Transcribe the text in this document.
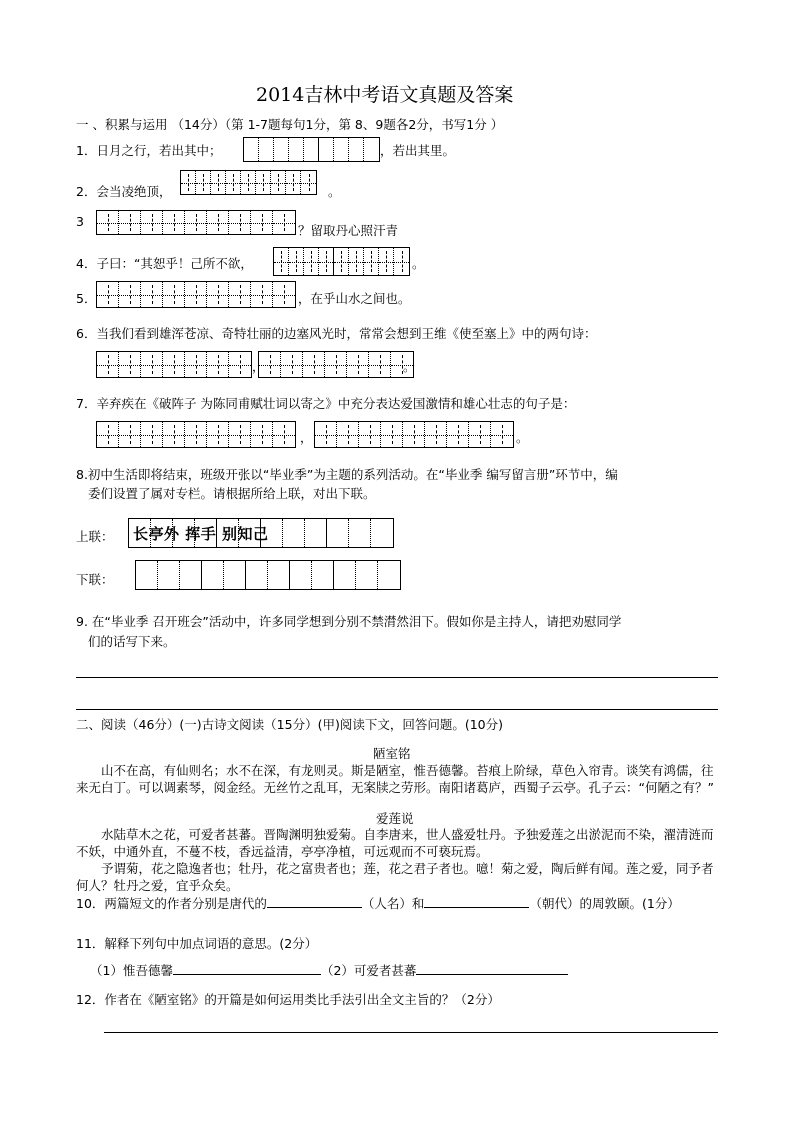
2014吉林中考语文真题及答案
一 、积累与运用 （14分）（第 1-7题每句1分，第 8、9题各2分，书写1分 ）
1．日月之行，若出其中；	，若出其里。
2．会当凌绝顶，	。
3
？留取丹心照汗青
4．子曰：“其恕乎！己所不欲，	。
5．	，在乎山水之间也。
6．当我们看到雄浑苍凉、奇特壮丽的边塞风光时，常常会想到王维《使至塞上》中的两句诗：
，	。
7．辛弃疾在《破阵子 为陈同甫赋壮词以寄之》中充分表达爱国激情和雄心壮志的句子是：
，	。
8.初中生活即将结束，班级开张以“毕业季”为主题的系列活动。在“毕业季 编写留言册”环节中，编
委们设置了属对专栏。请根据所给上联，对出下联。
上联： 长亭外 挥手 别知己
下联：
9. 在“毕业季 召开班会”活动中，许多同学想到分别不禁潸然泪下。假如你是主持人，请把劝慰同学
们的话写下来。
二、阅读（46分）(一)古诗文阅读（15分）(甲)阅读下文，回答问题。(10分)
陋室铭
山不在高，有仙则名；水不在深，有龙则灵。斯是陋室，惟吾德馨。苔痕上阶绿，草色入帘青。谈笑有鸿儒，往来无白丁。可以调素琴，阅金经。无丝竹之乱耳，无案牍之劳形。南阳诸葛庐，西蜀子云亭。孔子云：“何陋之有？”
爱莲说
水陆草木之花，可爱者甚蕃。晋陶渊明独爱菊。自李唐来，世人盛爱牡丹。予独爱莲之出淤泥而不染，濯清涟而不妖，中通外直，不蔓不枝，香远益清，亭亭净植，可远观而不可亵玩焉。
予谓菊，花之隐逸者也；牡丹，花之富贵者也；莲，花之君子者也。噫！菊之爱，陶后鲜有闻。莲之爱，同予者何人？牡丹之爱，宜乎众矣。
10．两篇短文的作者分别是唐代的	（人名）和	（朝代）的周敦颐。(1分）
11．解释下列句中加点词语的意思。(2分）
（1）惟吾德馨	（2）可爱者甚蕃
12．作者在《陋室铭》的开篇是如何运用类比手法引出全文主旨的？（2分）
